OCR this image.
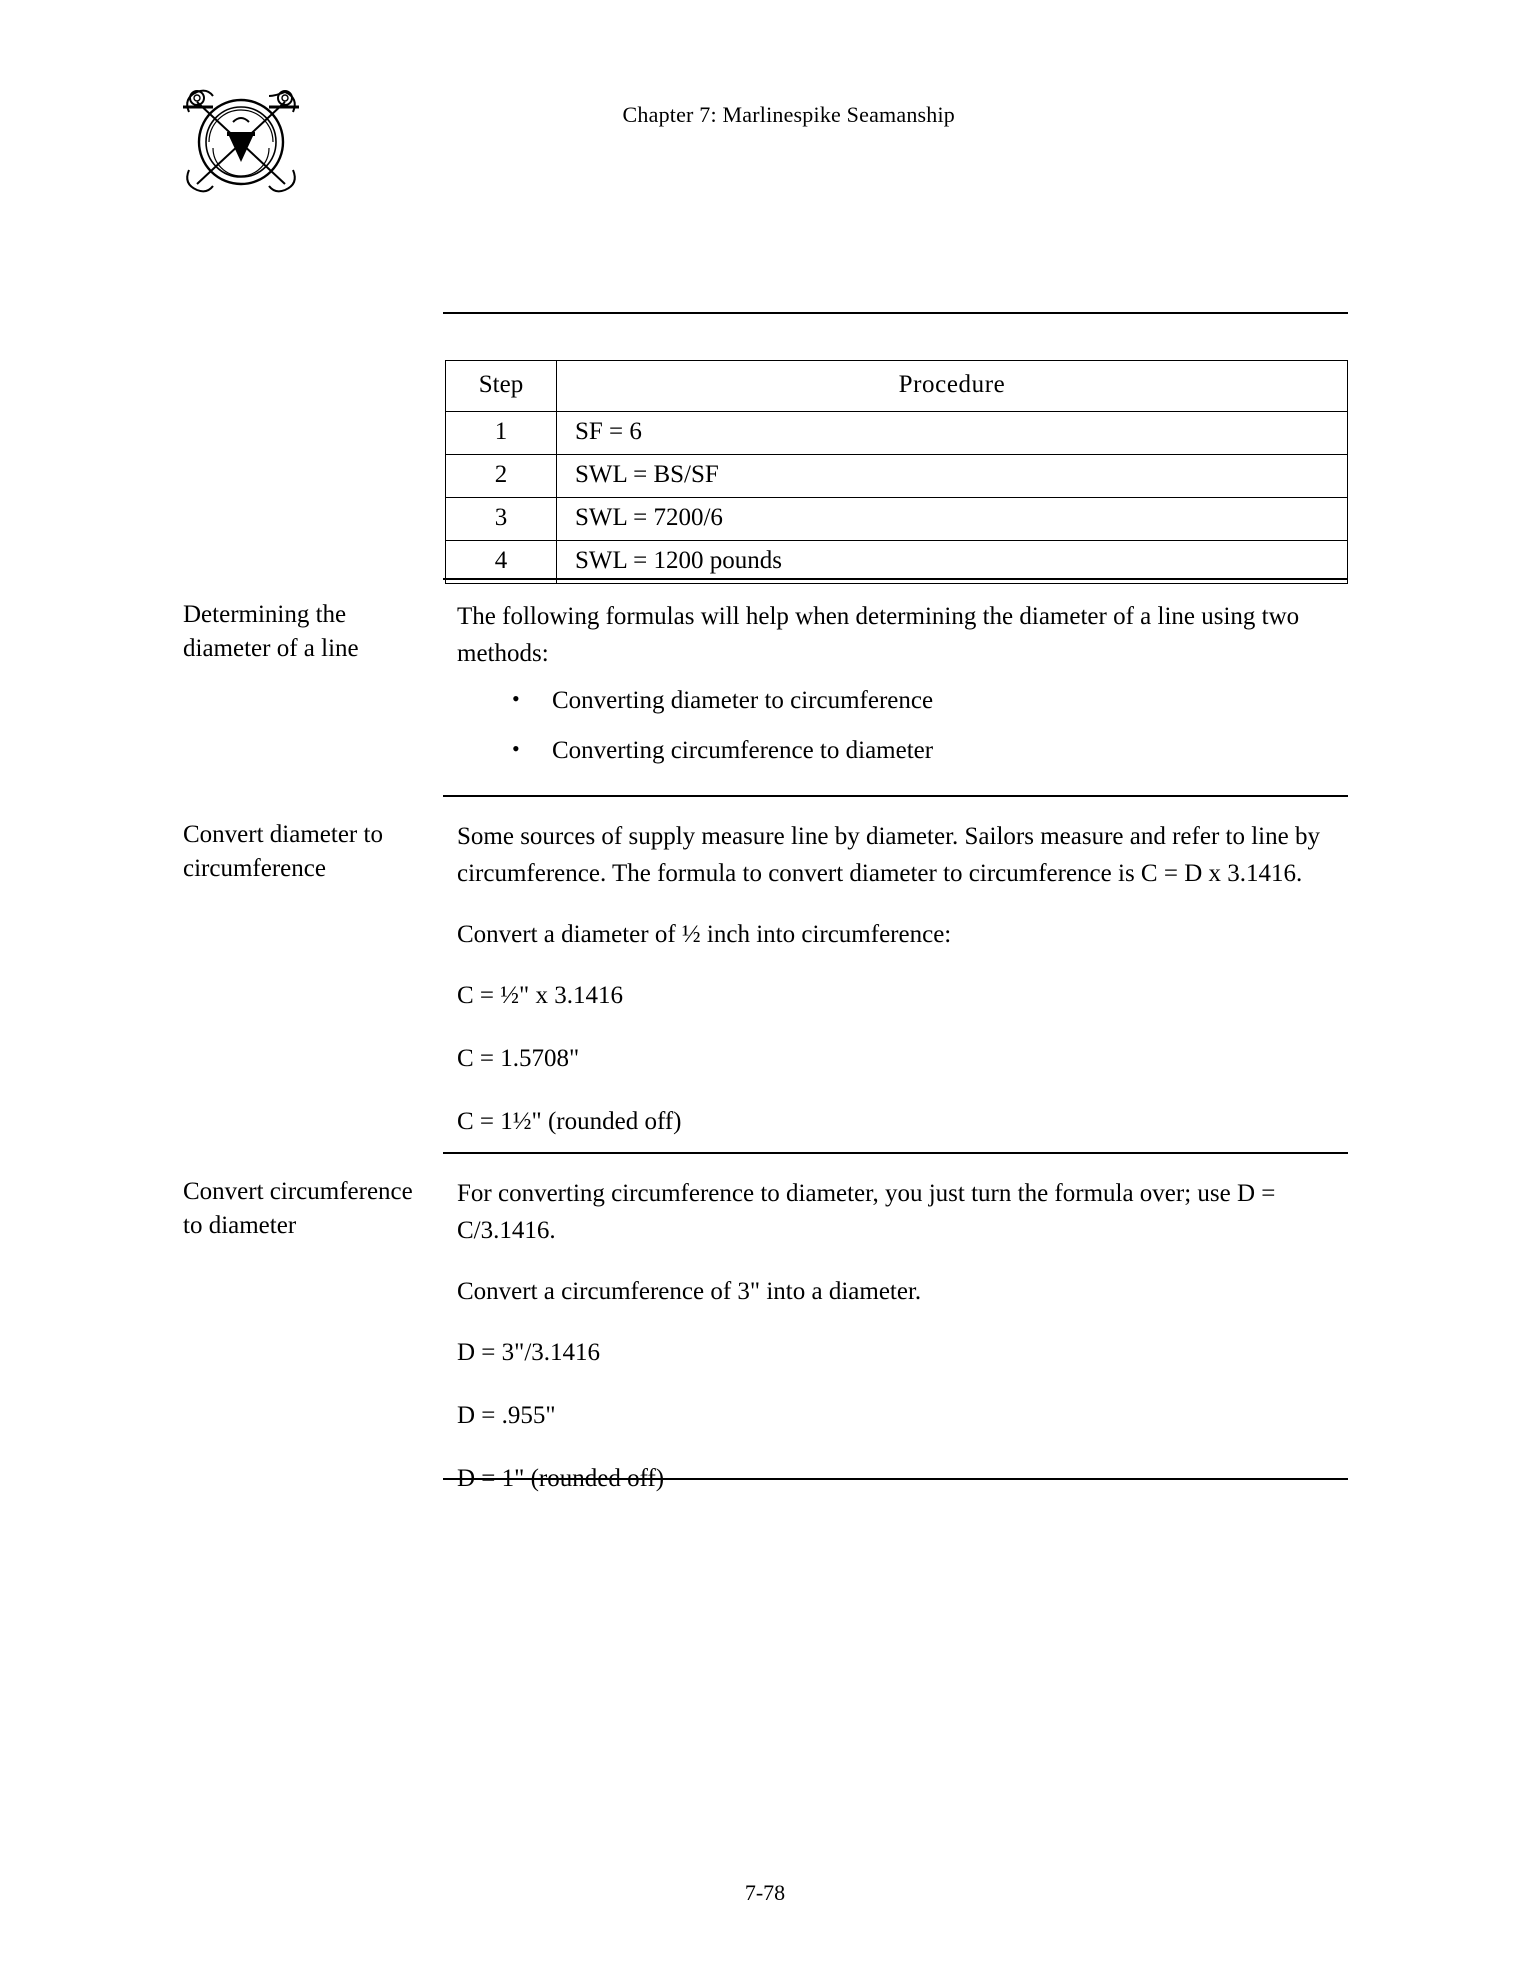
Chapter 7: Marlinespike Seamanship
Step	Procedure
1	SF = 6
2	SWL = BS/SF
3	SWL = 7200/6
4	SWL = 1200 pounds
Determining the diameter of a line

The following formulas will help when determining the diameter of a line using two methods:

• Converting diameter to circumference
• Converting circumference to diameter
Convert diameter to circumference

Some sources of supply measure line by diameter. Sailors measure and refer to line by circumference. The formula to convert diameter to circumference is C = D x 3.1416.

Convert a diameter of ½ inch into circumference:

C = ½" x 3.1416
C = 1.5708"
C = 1½" (rounded off)
Convert circumference to diameter

For converting circumference to diameter, you just turn the formula over; use D = C/3.1416.

Convert a circumference of 3" into a diameter.

D = 3"/3.1416
D = .955"
D = 1" (rounded off)
7-78
